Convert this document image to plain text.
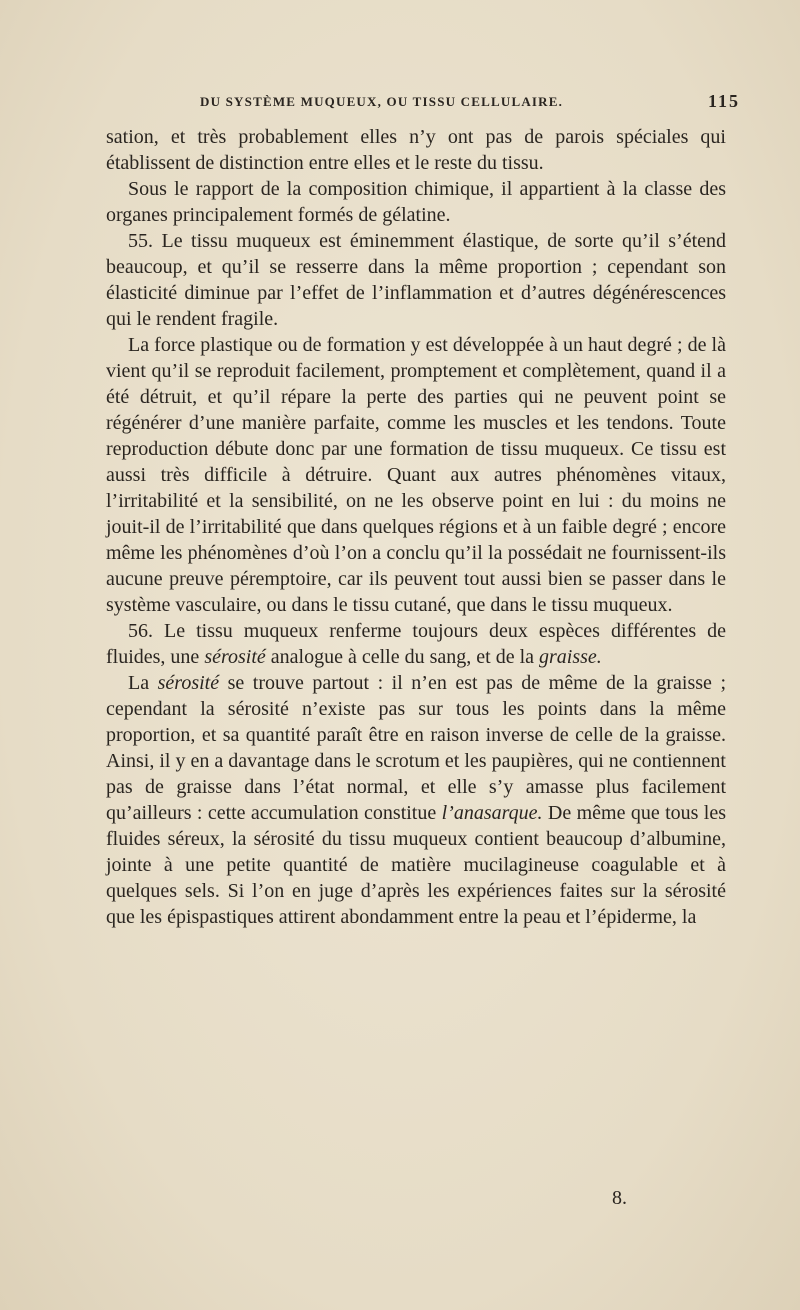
DU SYSTÈME MUQUEUX, OU TISSU CELLULAIRE.	115

sation, et très probablement elles n’y ont pas de parois spéciales qui établissent de distinction entre elles et le reste du tissu.

Sous le rapport de la composition chimique, il appartient à la classe des organes principalement formés de gélatine.

55. Le tissu muqueux est éminemment élastique, de sorte qu’il s’étend beaucoup, et qu’il se resserre dans la même proportion ; cependant son élasticité diminue par l’effet de l’inflammation et d’autres dégénérescences qui le rendent fragile.

La force plastique ou de formation y est développée à un haut degré ; de là vient qu’il se reproduit facilement, promptement et complètement, quand il a été détruit, et qu’il répare la perte des parties qui ne peuvent point se régénérer d’une manière parfaite, comme les muscles et les tendons. Toute reproduction débute donc par une formation de tissu muqueux. Ce tissu est aussi très difficile à détruire. Quant aux autres phénomènes vitaux, l’irritabilité et la sensibilité, on ne les observe point en lui : du moins ne jouit-il de l’irritabilité que dans quelques régions et à un faible degré ; encore même les phénomènes d’où l’on a conclu qu’il la possédait ne fournissent-ils aucune preuve péremptoire, car ils peuvent tout aussi bien se passer dans le système vasculaire, ou dans le tissu cutané, que dans le tissu muqueux.

56. Le tissu muqueux renferme toujours deux espèces différentes de fluides, une sérosité analogue à celle du sang, et de la graisse.

La sérosité se trouve partout : il n’en est pas de même de la graisse ; cependant la sérosité n’existe pas sur tous les points dans la même proportion, et sa quantité paraît être en raison inverse de celle de la graisse. Ainsi, il y en a davantage dans le scrotum et les paupières, qui ne contiennent pas de graisse dans l’état normal, et elle s’y amasse plus facilement qu’ailleurs : cette accumulation constitue l’anasarque. De même que tous les fluides séreux, la sérosité du tissu muqueux contient beaucoup d’albumine, jointe à une petite quantité de matière mucilagineuse coagulable et à quelques sels. Si l’on en juge d’après les expériences faites sur la sérosité que les épispastiques attirent abondamment entre la peau et l’épiderme, la

8.
